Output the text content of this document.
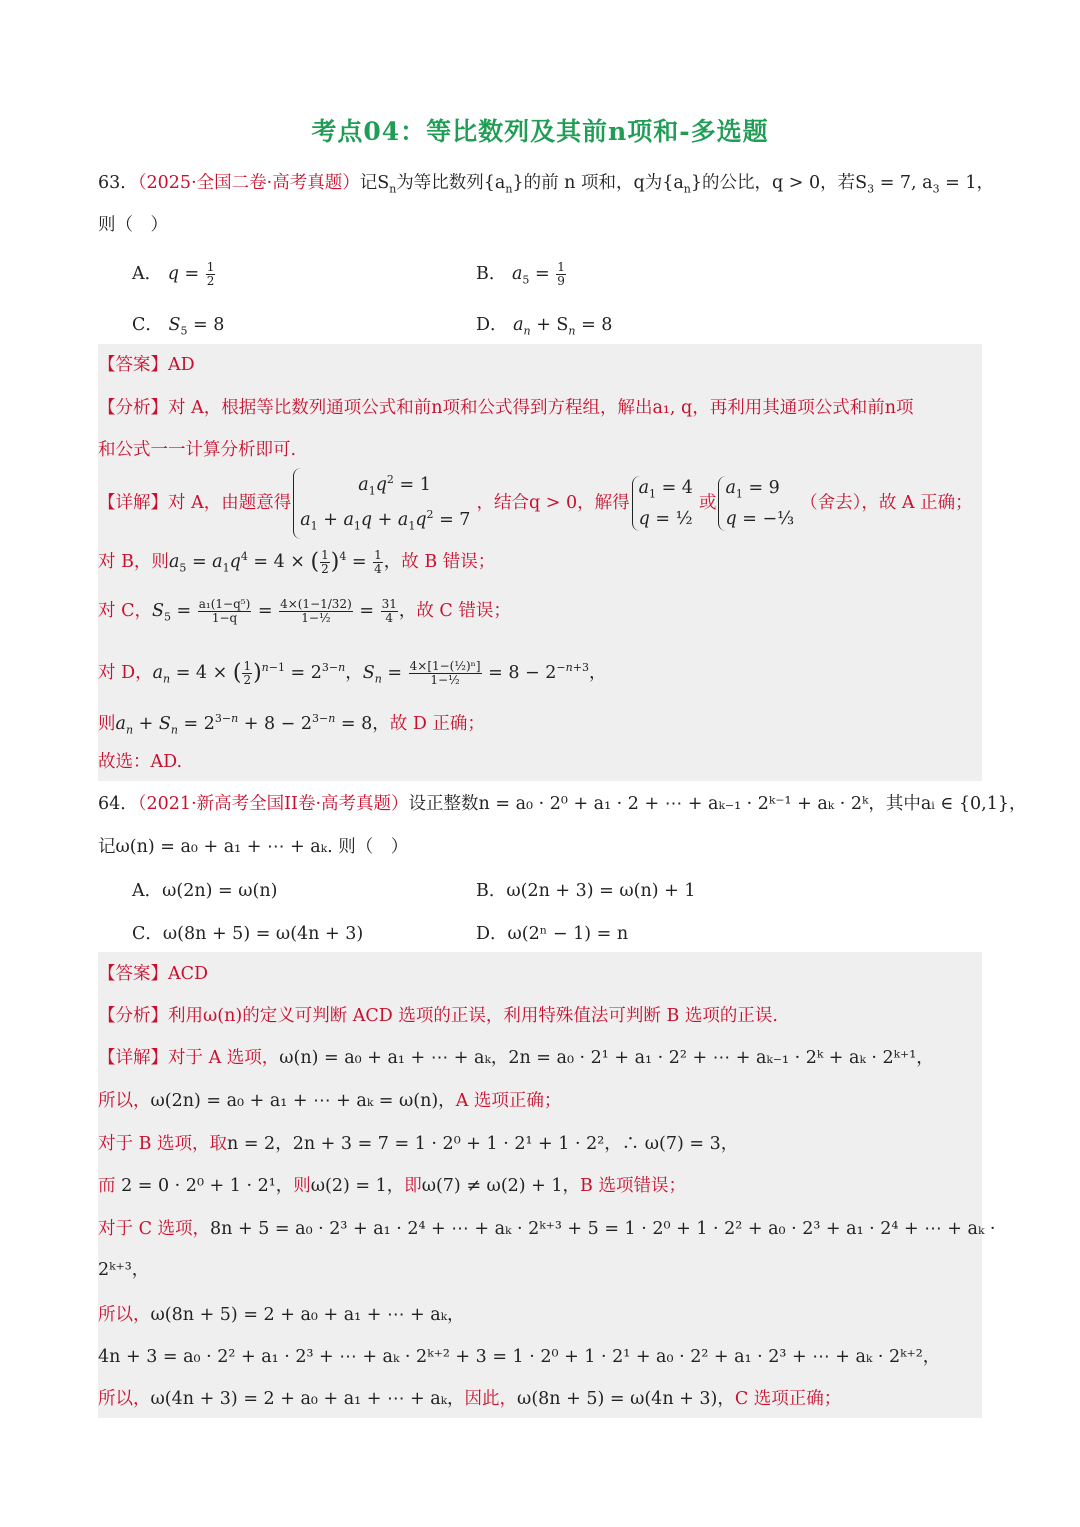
考点04：等比数列及其前n项和-多选题
63．（2025·全国二卷·高考真题）记$S_n$为等比数列$\{a_n\}$的前 n 项和，q为$\{a_n\}$的公比，q > 0，若$S_3 = 7$, $a_3 = 1$，
则（　）
A． $q = \frac{1}{2}$	B． $a_5 = \frac{1}{9}$
C． $S_5 = 8$	D． $a_n + S_n = 8$
【答案】AD
【分析】对 A，根据等比数列通项公式和前n项和公式得到方程组，解出a₁, q，再利用其通项公式和前n项
和公式一一计算分析即可.
【详解】对 A，由题意得
　　　 $a_1q^2 = 1$
$a_1 + a_1q + a_1q^2 = 7$
，结合q > 0，解得
$a_1 = 4$
q = ½
或
$a_1 = 9$
q = −⅓
（舍去），故 A 正确；
对 B，则$a_5 = a_1q^4 = 4$ × ( $\frac{1}{2} )^4 = \frac{1}{4}$ ，故 B 错误；
对 C，$S_5 = \frac{\text{a₁(1−q⁵)}}{1-q} = \frac{4\times(1-1/32)}{\text{1−½}} = \frac{31}{4}$ ，故 C 错误；
对 D，$a_n = 4$ × ( $\frac{1}{2} )^{n-1} = 2^{3-n}$，$S_n = \frac{\text{4×[1−(½)ⁿ]}}{\text{1−½}} = 8 - 2^{-n+3}$，
则$a_n + S_n = 2^{3-n} + 8 - 2^{3-n} = 8$，故 D 正确；
故选：AD.
64．（2021·新高考全国II卷·高考真题）设正整数n = a₀ · 2⁰ + a₁ · 2 + ⋯ + aₖ₋₁ · 2ᵏ⁻¹ + aₖ · 2ᵏ，其中aᵢ ∈ {0,1}，
记ω(n) = a₀ + a₁ + ⋯ + aₖ. 则（　）
A．ω(2n) = ω(n)	B．ω(2n + 3) = ω(n) + 1
C．ω(8n + 5) = ω(4n + 3)	D．ω(2ⁿ − 1) = n
【答案】ACD
【分析】利用ω(n)的定义可判断 ACD 选项的正误，利用特殊值法可判断 B 选项的正误.
【详解】对于 A 选项，ω(n) = a₀ + a₁ + ⋯ + aₖ，2n = a₀ · 2¹ + a₁ · 2² + ⋯ + aₖ₋₁ · 2ᵏ + aₖ · 2ᵏ⁺¹，
所以，ω(2n) = a₀ + a₁ + ⋯ + aₖ = ω(n)，A 选项正确；
对于 B 选项，取n = 2，2n + 3 = 7 = 1 · 2⁰ + 1 · 2¹ + 1 · 2²，∴ ω(7) = 3，
而 2 = 0 · 2⁰ + 1 · 2¹，则ω(2) = 1，即ω(7) ≠ ω(2) + 1，B 选项错误；
对于 C 选项，8n + 5 = a₀ · 2³ + a₁ · 2⁴ + ⋯ + aₖ · 2ᵏ⁺³ + 5 = 1 · 2⁰ + 1 · 2² + a₀ · 2³ + a₁ · 2⁴ + ⋯ + aₖ ·
2ᵏ⁺³，
所以，ω(8n + 5) = 2 + a₀ + a₁ + ⋯ + aₖ，
4n + 3 = a₀ · 2² + a₁ · 2³ + ⋯ + aₖ · 2ᵏ⁺² + 3 = 1 · 2⁰ + 1 · 2¹ + a₀ · 2² + a₁ · 2³ + ⋯ + aₖ · 2ᵏ⁺²，
所以，ω(4n + 3) = 2 + a₀ + a₁ + ⋯ + aₖ，因此，ω(8n + 5) = ω(4n + 3)，C 选项正确；
